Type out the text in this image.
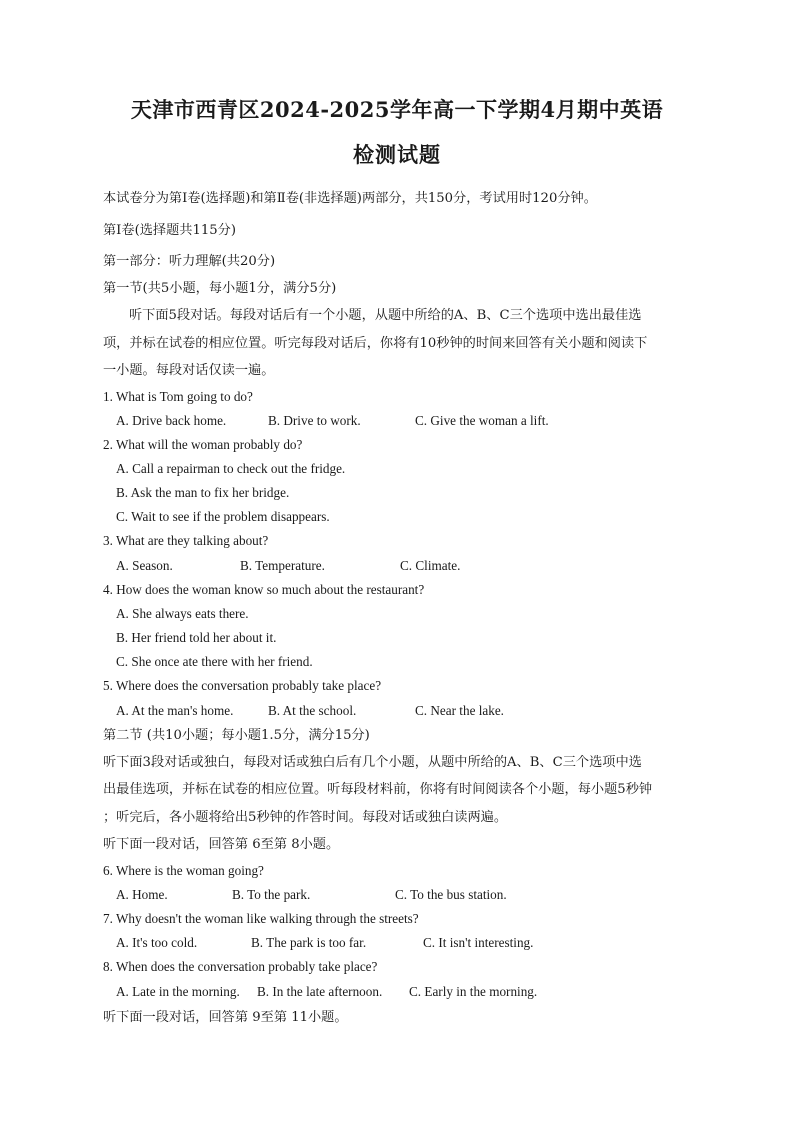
天津市西青区2024-2025学年高一下学期4月期中英语
检测试题
本试卷分为第Ⅰ卷(选择题)和第Ⅱ卷(非选择题)两部分，共150分，考试用时120分钟。
第Ⅰ卷(选择题共115分)
第一部分：听力理解(共20分)
第一节(共5小题，每小题1分，满分5分)
听下面5段对话。每段对话后有一个小题，从题中所给的A、B、C三个选项中选出最佳选
项，并标在试卷的相应位置。听完每段对话后，你将有10秒钟的时间来回答有关小题和阅读下
一小题。每段对话仅读一遍。
1. What is Tom going to do?
A. Drive back home.	B. Drive to work.	C. Give the woman a lift.
2. What will the woman probably do?
A. Call a repairman to check out the fridge.
B. Ask the man to fix her bridge.
C. Wait to see if the problem disappears.
3. What are they talking about?
A. Season.	B. Temperature.	C. Climate.
4. How does the woman know so much about the restaurant?
A. She always eats there.
B. Her friend told her about it.
C. She once ate there with her friend.
5. Where does the conversation probably take place?
A. At the man's home.	B. At the school.	C. Near the lake.
第二节 (共10小题；每小题1.5分，满分15分)
听下面3段对话或独白，每段对话或独白后有几个小题，从题中所给的A、B、C三个选项中选
出最佳选项，并标在试卷的相应位置。听每段材料前，你将有时间阅读各个小题，每小题5秒钟
；听完后，各小题将给出5秒钟的作答时间。每段对话或独白读两遍。
听下面一段对话，回答第 6至第 8小题。
6. Where is the woman going?
A. Home.	B. To the park.	C. To the bus station.
7. Why doesn't the woman like walking through the streets?
A. It's too cold.	B. The park is too far.	C. It isn't interesting.
8. When does the conversation probably take place?
A. Late in the morning. B. In the late afternoon. C. Early in the morning.
听下面一段对话，回答第 9至第 11小题。
